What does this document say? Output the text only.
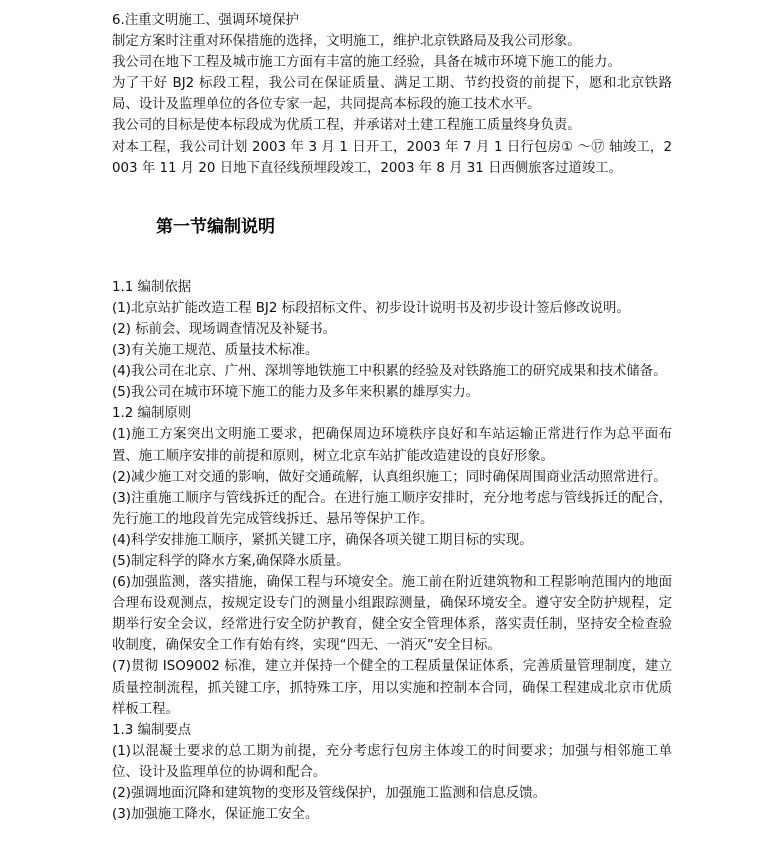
6.注重文明施工、强调环境保护

制定方案时注重对环保措施的选择，文明施工，维护北京铁路局及我公司形象。

我公司在地下工程及城市施工方面有丰富的施工经验，具备在城市环境下施工的能力。

为了干好 BJ2 标段工程，我公司在保证质量、满足工期、节约投资的前提下，愿和北京铁路局、设计及监理单位的各位专家一起，共同提高本标段的施工技术水平。

我公司的目标是使本标段成为优质工程，并承诺对土建工程施工质量终身负责。

对本工程，我公司计划 2003 年 3 月 1 日开工，2003 年 7 月 1 日行包房① ～⑰ 轴竣工，2003 年 11 月 20 日地下直径线预埋段竣工，2003 年 8 月 31 日西侧旅客过道竣工。

第一节编制说明

1.1 编制依据

(1)北京站扩能改造工程 BJ2 标段招标文件、初步设计说明书及初步设计签后修改说明。

(2) 标前会、现场调查情况及补疑书。

(3)有关施工规范、质量技术标准。

(4)我公司在北京、广州、深圳等地铁施工中积累的经验及对铁路施工的研究成果和技术储备。

(5)我公司在城市环境下施工的能力及多年来积累的雄厚实力。

1.2 编制原则

(1)施工方案突出文明施工要求，把确保周边环境秩序良好和车站运输正常进行作为总平面布置、施工顺序安排的前提和原则，树立北京车站扩能改造建设的良好形象。

(2)减少施工对交通的影响，做好交通疏解，认真组织施工；同时确保周围商业活动照常进行。

(3)注重施工顺序与管线拆迁的配合。在进行施工顺序安排时，充分地考虑与管线拆迁的配合，先行施工的地段首先完成管线拆迁、悬吊等保护工作。

(4)科学安排施工顺序，紧抓关键工序，确保各项关键工期目标的实现。

(5)制定科学的降水方案,确保降水质量。

(6)加强监测，落实措施，确保工程与环境安全。施工前在附近建筑物和工程影响范围内的地面合理布设观测点，按规定设专门的测量小组跟踪测量，确保环境安全。遵守安全防护规程，定期举行安全会议，经常进行安全防护教育，健全安全管理体系，落实责任制，坚持安全检查验收制度，确保安全工作有始有终，实现“四无、一消灭”安全目标。

(7)贯彻 ISO9002 标准，建立并保持一个健全的工程质量保证体系，完善质量管理制度，建立质量控制流程，抓关键工序，抓特殊工序，用以实施和控制本合同，确保工程建成北京市优质样板工程。

1.3 编制要点

(1)以混凝土要求的总工期为前提，充分考虑行包房主体竣工的时间要求；加强与相邻施工单位、设计及监理单位的协调和配合。

(2)强调地面沉降和建筑物的变形及管线保护，加强施工监测和信息反馈。

(3)加强施工降水，保证施工安全。
